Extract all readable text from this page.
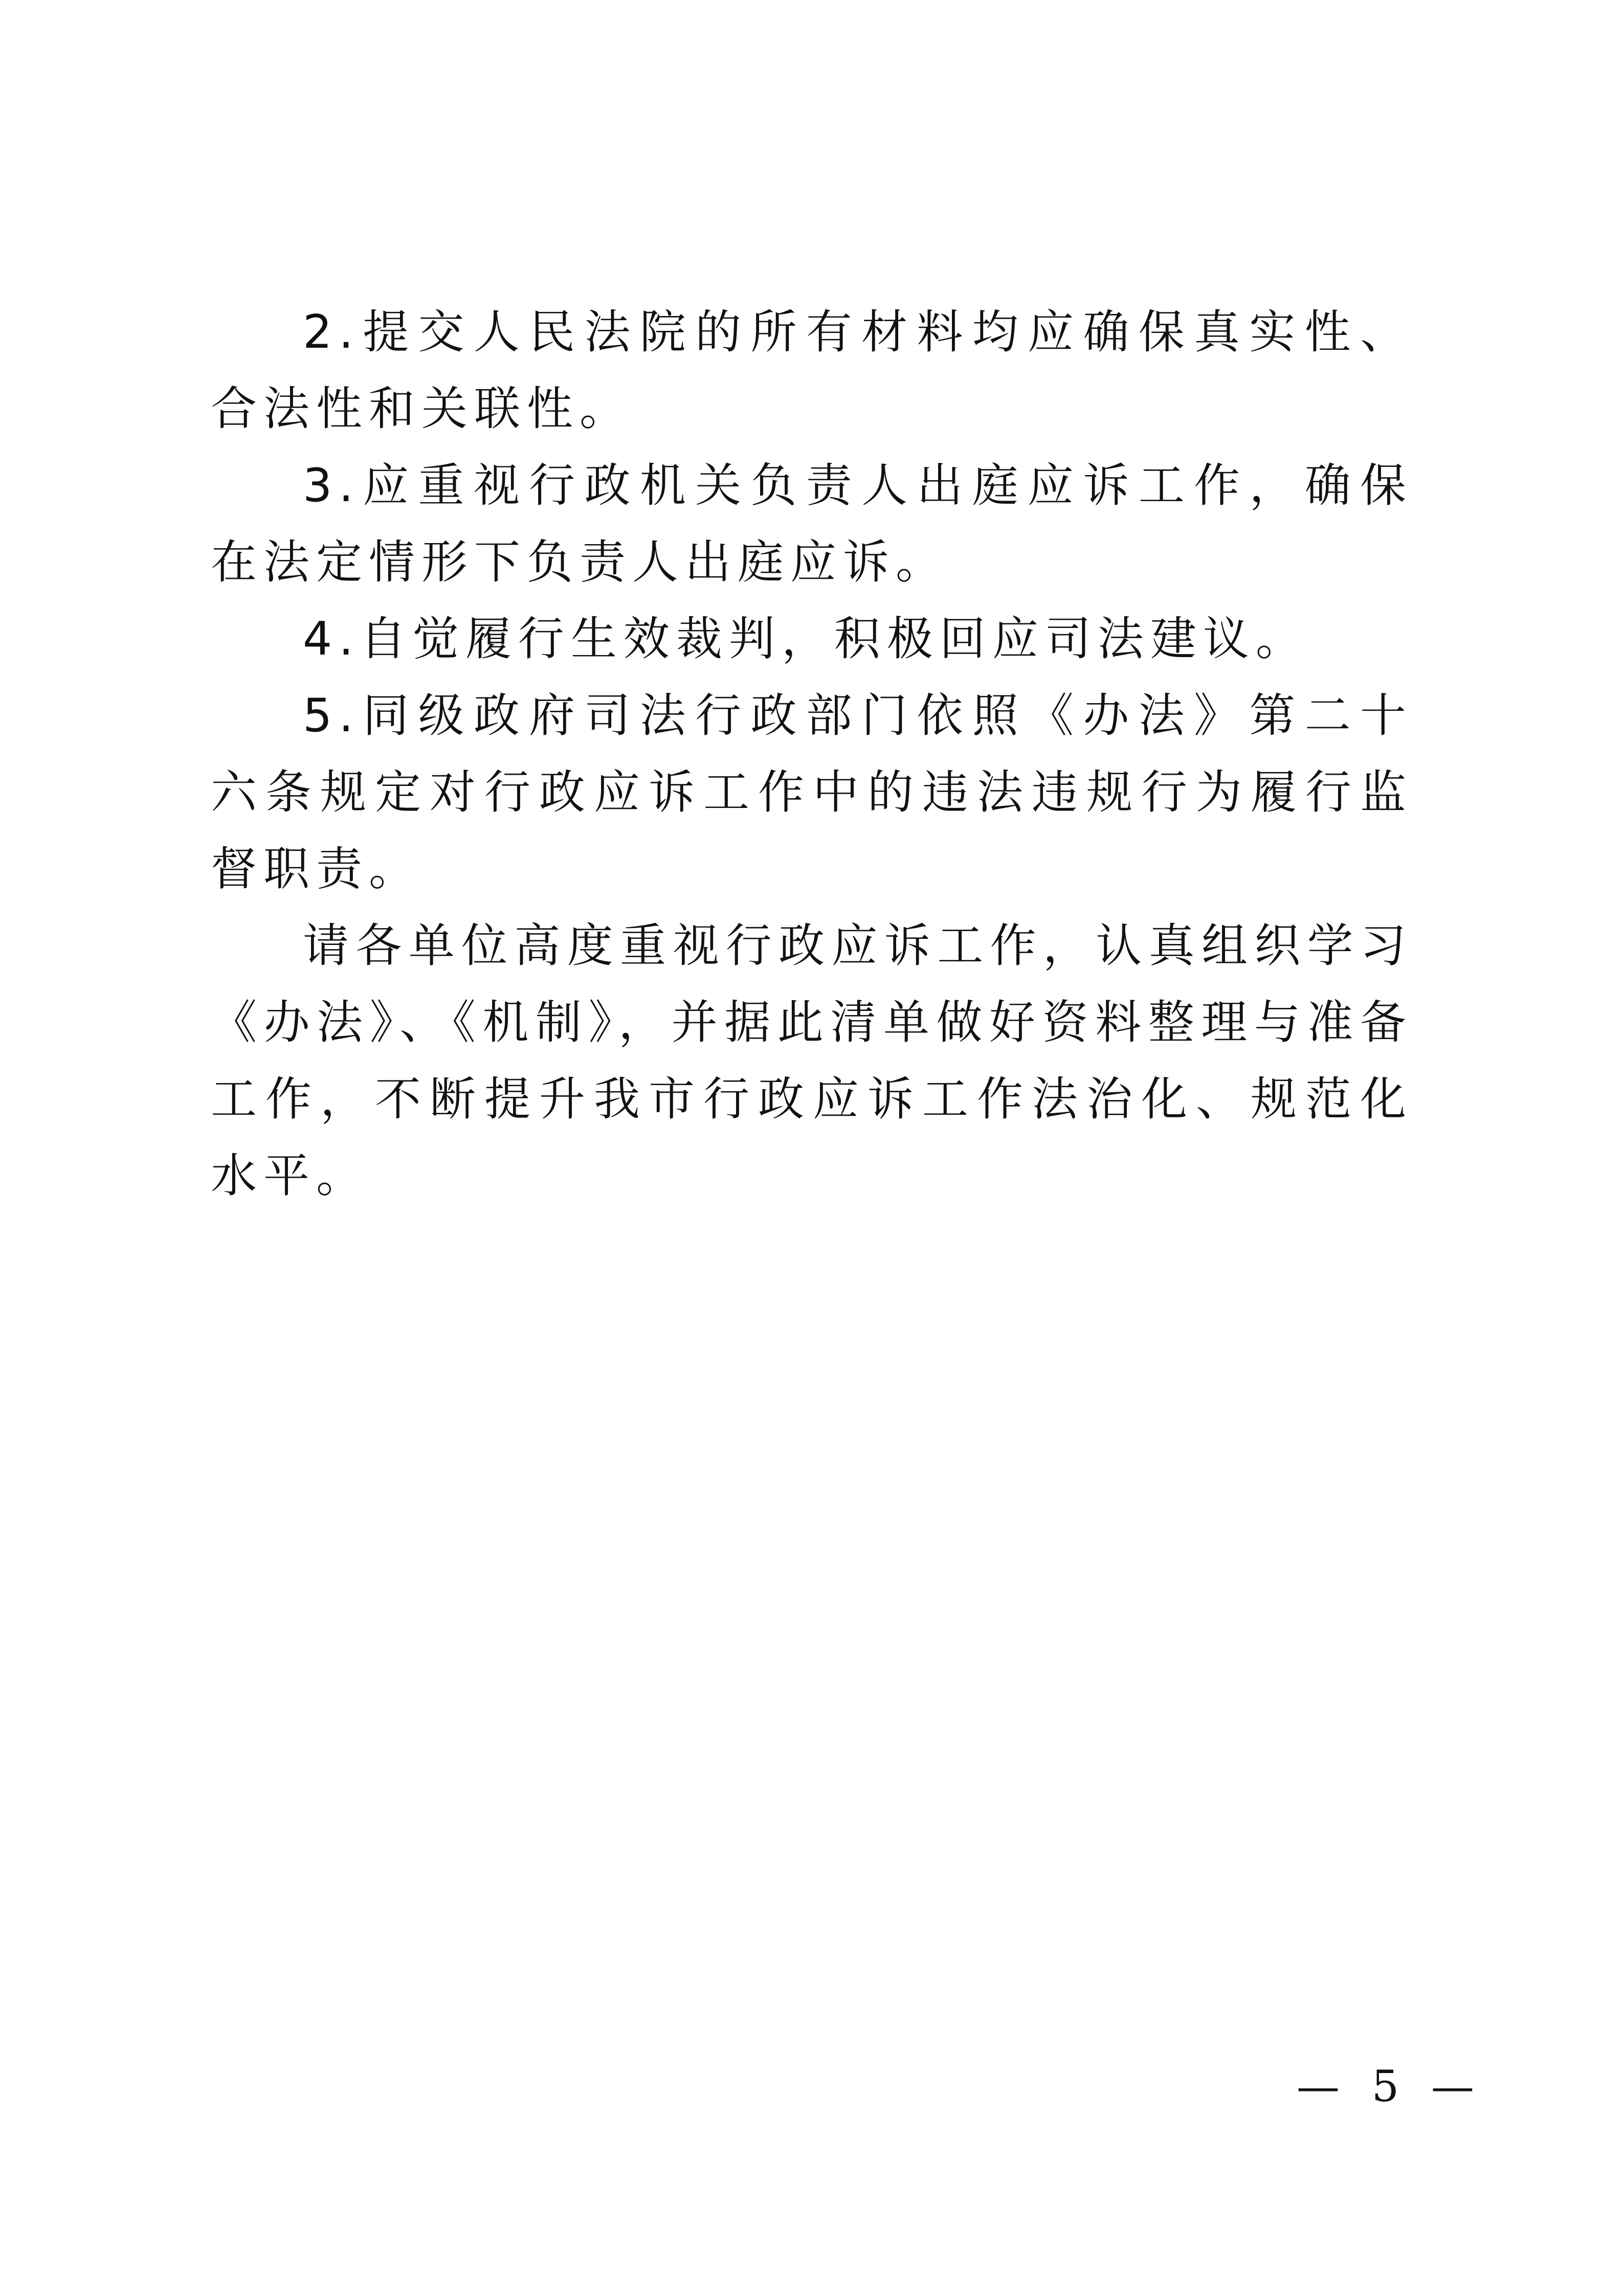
2.提交人民法院的所有材料均应确保真实性、合法性和关联性。

3.应重视行政机关负责人出庭应诉工作，确保在法定情形下负责人出庭应诉。

4.自觉履行生效裁判，积极回应司法建议。

5.同级政府司法行政部门依照《办法》第二十六条规定对行政应诉工作中的违法违规行为履行监督职责。

请各单位高度重视行政应诉工作，认真组织学习《办法》、《机制》，并据此清单做好资料整理与准备工作，不断提升我市行政应诉工作法治化、规范化水平。

— 5 —
